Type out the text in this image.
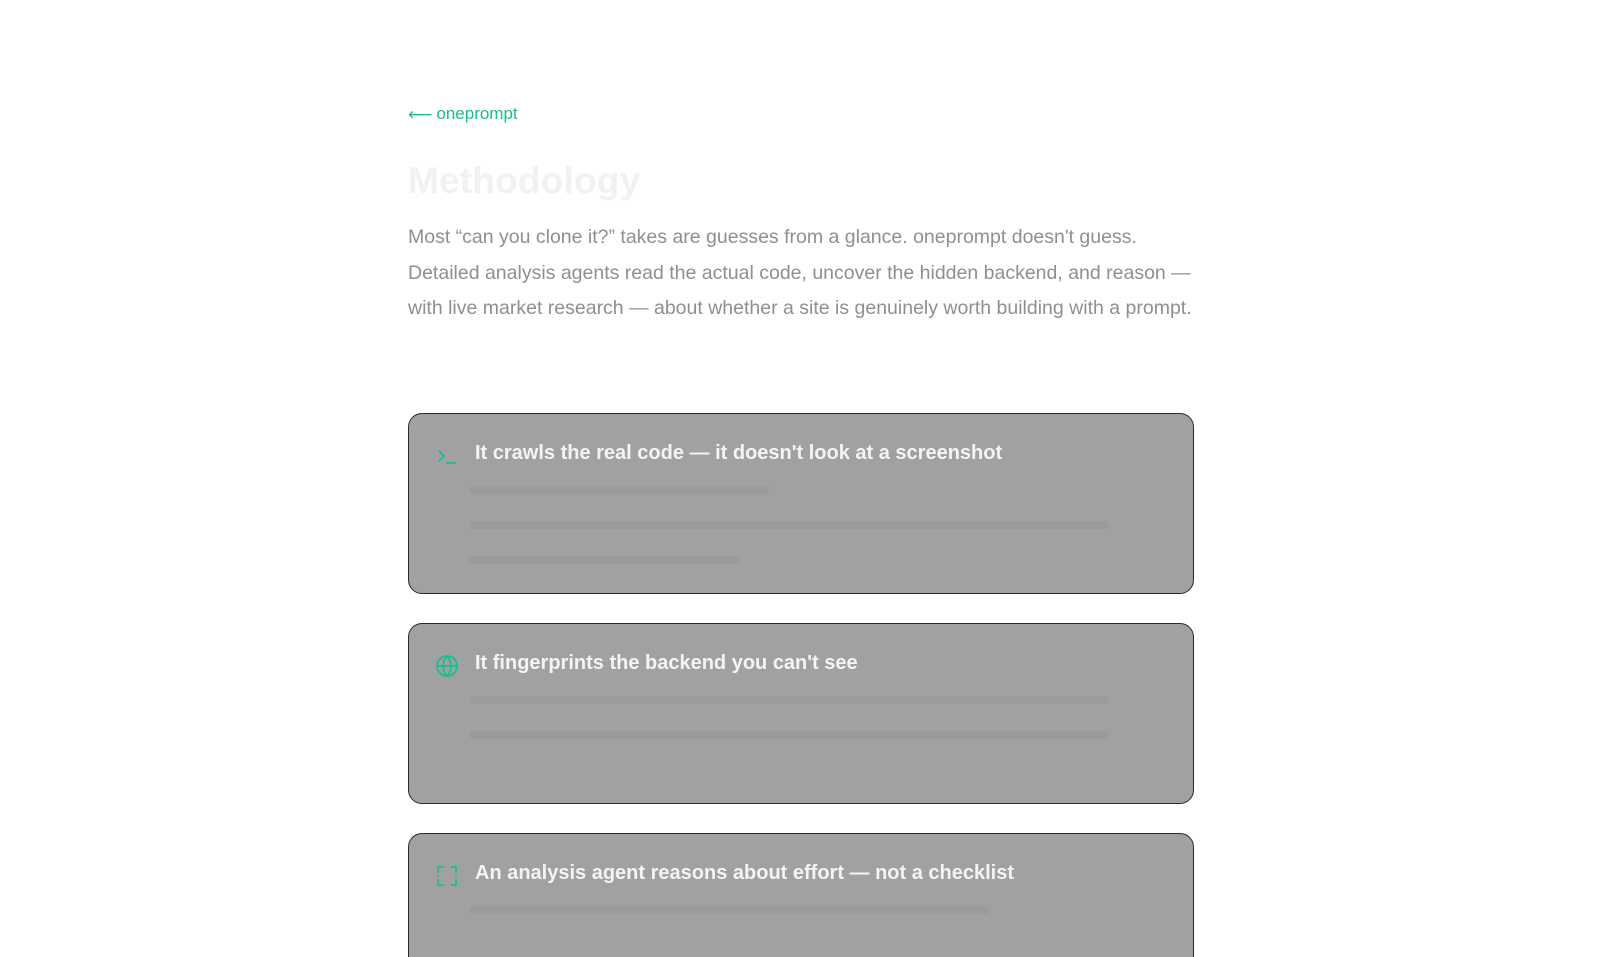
⟵ oneprompt
Methodology

Most “can you clone it?” takes are guesses from a glance. oneprompt doesn't guess. Detailed analysis agents read the actual code, uncover the hidden backend, and reason — with live market research — about whether a site is genuinely worth building with a prompt.

It crawls the real code — it doesn't look at a screenshot
It fingerprints the backend you can't see
An analysis agent reasons about effort — not a checklist
